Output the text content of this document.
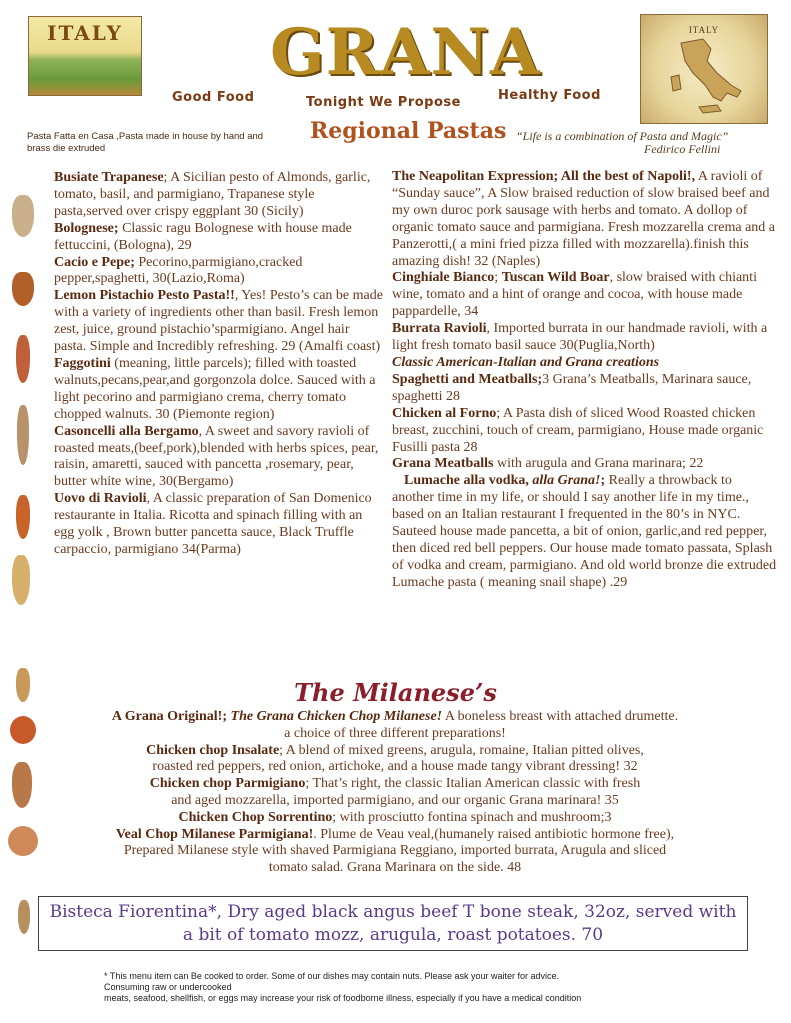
ITALY	ITALY
GRANA
Good Food	Tonight We Propose	Healthy Food
Pasta Fatta en Casa ,Pasta made in house by hand and brass die extruded
Regional Pastas “Life is a combination of Pasta and Magic”
Fedirico Fellini

Busiate Trapanese; A Sicilian pesto of Almonds, garlic, tomato, basil, and parmigiano, Trapanese style pasta,served over crispy eggplant 30 (Sicily)

Bolognese; Classic ragu Bolognese with house made fettuccini, (Bologna), 29

Cacio e Pepe; Pecorino,parmigiano,cracked pepper,spaghetti, 30(Lazio,Roma)

Lemon Pistachio Pesto Pasta!!, Yes! Pesto’s can be made with a variety of ingredients other than basil. Fresh lemon zest, juice, ground pistachio’sparmigiano. Angel hair pasta. Simple and Incredibly refreshing. 29 (Amalfi coast)

Faggotini (meaning, little parcels); filled with toasted walnuts,pecans,pear,and gorgonzola dolce. Sauced with a light pecorino and parmigiano crema, cherry tomato chopped walnuts. 30 (Piemonte region)

Casoncelli alla Bergamo, A sweet and savory ravioli of roasted meats,(beef,pork),blended with herbs spices, pear, raisin, amaretti, sauced with pancetta ,rosemary, pear, butter white wine, 30(Bergamo)

Uovo di Ravioli, A classic preparation of San Domenico restaurante in Italia. Ricotta and spinach filling with an egg yolk , Brown butter pancetta sauce, Black Truffle carpaccio, parmigiano 34(Parma)

The Neapolitan Expression; All the best of Napoli!, A ravioli of “Sunday sauce”, A Slow braised reduction of slow braised beef and my own duroc pork sausage with herbs and tomato. A dollop of organic tomato sauce and parmigiana. Fresh mozzarella crema and a Panzerotti,( a mini fried pizza filled with mozzarella).finish this amazing dish! 32 (Naples)

Cinghiale Bianco; Tuscan Wild Boar, slow braised with chianti wine, tomato and a hint of orange and cocoa, with house made pappardelle, 34

Burrata Ravioli, Imported burrata in our handmade ravioli, with a light fresh tomato basil sauce 30(Puglia,North)

Classic American-Italian and Grana creations

Spaghetti and Meatballs;3 Grana’s Meatballs, Marinara sauce, spaghetti 28

Chicken al Forno; A Pasta dish of sliced Wood Roasted chicken breast, zucchini, touch of cream, parmigiano, House made organic Fusilli pasta 28

Grana Meatballs with arugula and Grana marinara; 22

Lumache alla vodka, alla Grana!; Really a throwback to another time in my life, or should I say another life in my time., based on an Italian restaurant I frequented in the 80’s in NYC. Sauteed house made pancetta, a bit of onion, garlic,and red pepper, then diced red bell peppers. Our house made tomato passata, Splash of vodka and cream, parmigiano. And old world bronze die extruded Lumache pasta ( meaning snail shape) .29

The Milanese’s

A Grana Original!; The Grana Chicken Chop Milanese! A boneless breast with attached drumette.

a choice of three different preparations!

Chicken chop Insalate; A blend of mixed greens, arugula, romaine, Italian pitted olives,

roasted red peppers, red onion, artichoke, and a house made tangy vibrant dressing! 32

Chicken chop Parmigiano; That’s right, the classic Italian American classic with fresh

and aged mozzarella, imported parmigiano, and our organic Grana marinara! 35

Chicken Chop Sorrentino; with prosciutto fontina spinach and mushroom;3

Veal Chop Milanese Parmigiana!. Plume de Veau veal,(humanely raised antibiotic hormone free),

Prepared Milanese style with shaved Parmigiana Reggiano, imported burrata, Arugula and sliced

tomato salad. Grana Marinara on the side. 48

Bisteca Fiorentina*, Dry aged black angus beef T bone steak, 32oz, served with
a bit of tomato mozz, arugula, roast potatoes. 70
* This menu item can Be cooked to order. Some of our dishes may contain nuts. Please ask your waiter for advice.
Consuming raw or undercooked
meats, seafood, shellfish, or eggs may increase your risk of foodborne illness, especially if you have a medical condition
